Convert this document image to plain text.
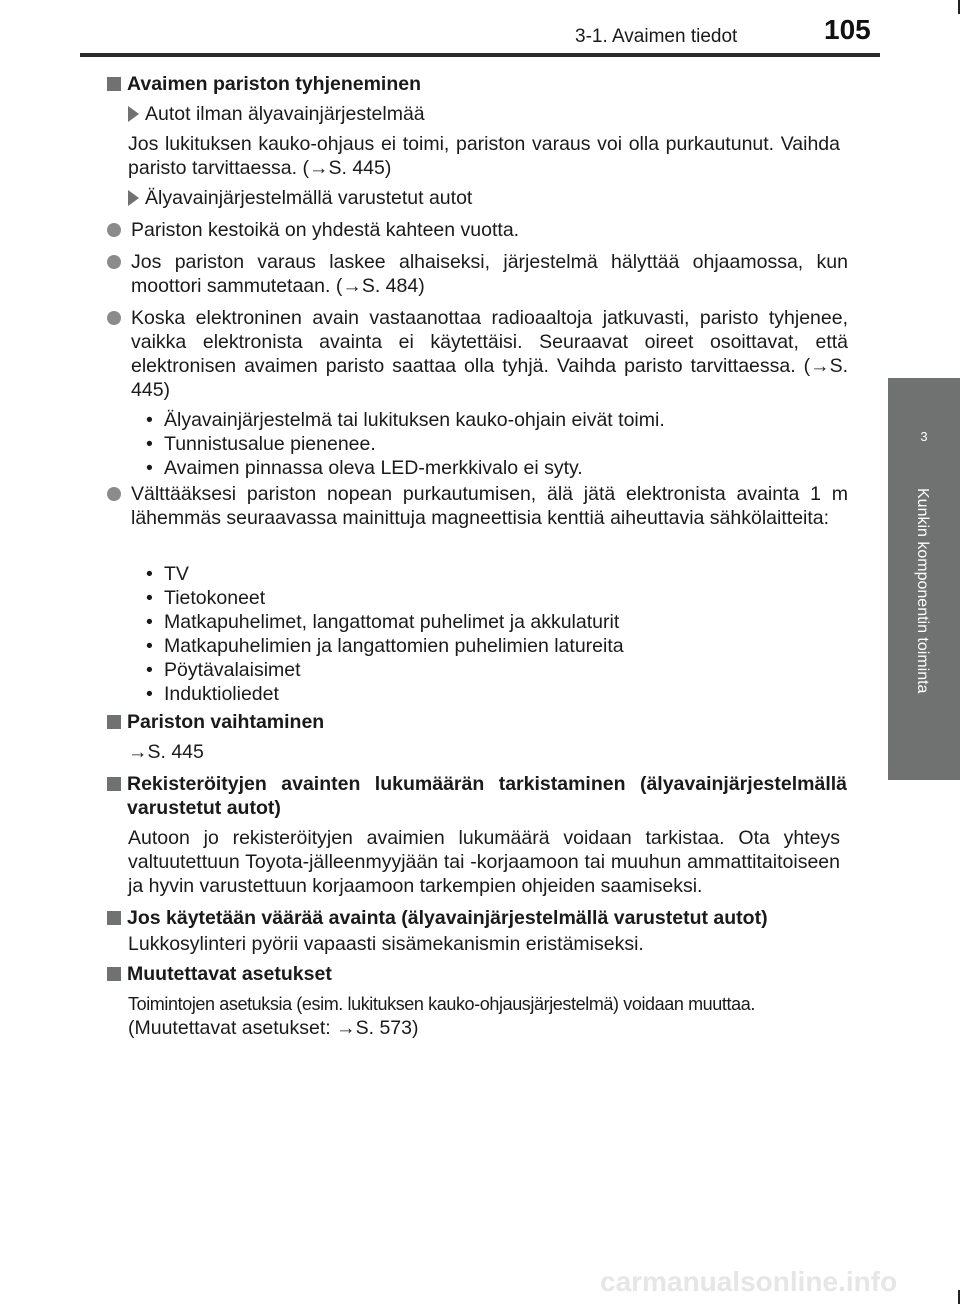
3-1. Avaimen tiedot	105
3
Kunkin komponentin toiminta
Avaimen pariston tyhjeneminen
Autot ilman älyavainjärjestelmää
Jos lukituksen kauko-ohjaus ei toimi, pariston varaus voi olla purkautunut. Vaihda paristo tarvittaessa. (→S. 445)
Älyavainjärjestelmällä varustetut autot
Pariston kestoikä on yhdestä kahteen vuotta.
Jos pariston varaus laskee alhaiseksi, järjestelmä hälyttää ohjaamossa, kun moottori sammutetaan. (→S. 484)
Koska elektroninen avain vastaanottaa radioaaltoja jatkuvasti, paristo tyhjenee, vaikka elektronista avainta ei käytettäisi. Seuraavat oireet osoittavat, että elektronisen avaimen paristo saattaa olla tyhjä. Vaihda paristo tarvittaessa. (→S. 445)
• Älyavainjärjestelmä tai lukituksen kauko-ohjain eivät toimi.
• Tunnistusalue pienenee.
• Avaimen pinnassa oleva LED-merkkivalo ei syty.
Välttääksesi pariston nopean purkautumisen, älä jätä elektronista avainta 1 m lähemmäs seuraavassa mainittuja magneettisia kenttiä aiheuttavia sähkölaitteita:
• TV
• Tietokoneet
• Matkapuhelimet, langattomat puhelimet ja akkulaturit
• Matkapuhelimien ja langattomien puhelimien latureita
• Pöytävalaisimet
• Induktioliedet
Pariston vaihtaminen
→S. 445
Rekisteröityjen avainten lukumäärän tarkistaminen (älyavainjärjestelmällä varustetut autot)
Autoon jo rekisteröityjen avaimien lukumäärä voidaan tarkistaa. Ota yhteys valtuutettuun Toyota-jälleenmyyjään tai -korjaamoon tai muuhun ammattitaitoiseen ja hyvin varustettuun korjaamoon tarkempien ohjeiden saamiseksi.
Jos käytetään väärää avainta (älyavainjärjestelmällä varustetut autot)
Lukkosylinteri pyörii vapaasti sisämekanismin eristämiseksi.
Muutettavat asetukset
Toimintojen asetuksia (esim. lukituksen kauko-ohjausjärjestelmä) voidaan muuttaa.
(Muutettavat asetukset: →S. 573)
carmanualsonline.info
